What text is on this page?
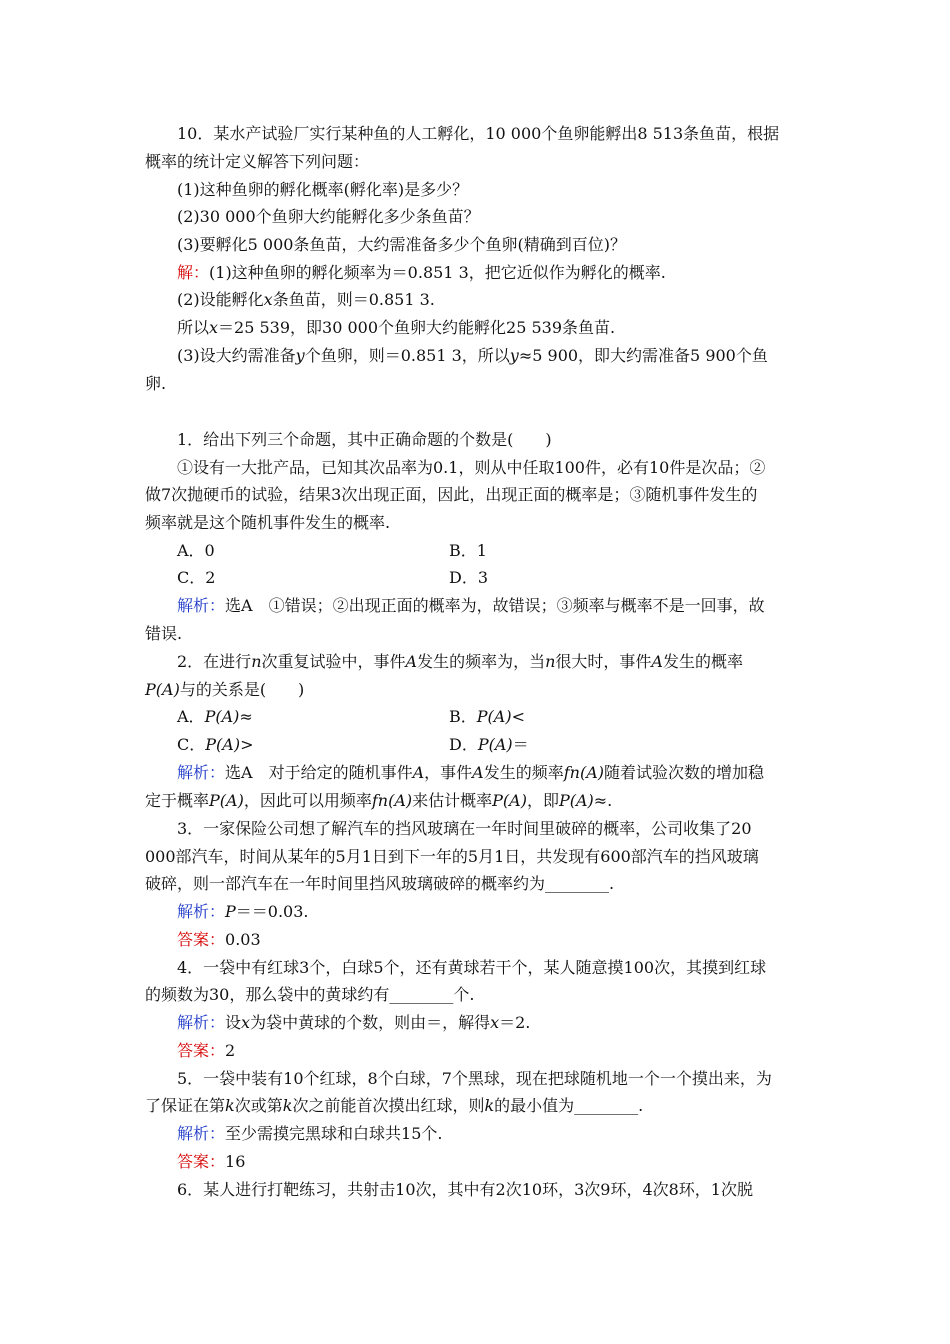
10．某水产试验厂实行某种鱼的人工孵化，10 000个鱼卵能孵出8 513条鱼苗，根据
概率的统计定义解答下列问题：
(1)这种鱼卵的孵化概率(孵化率)是多少？
(2)30 000个鱼卵大约能孵化多少条鱼苗？
(3)要孵化5 000条鱼苗，大约需准备多少个鱼卵(精确到百位)？
解：(1)这种鱼卵的孵化频率为＝0.851 3，把它近似作为孵化的概率.
(2)设能孵化x条鱼苗，则＝0.851 3.
所以x＝25 539，即30 000个鱼卵大约能孵化25 539条鱼苗.
(3)设大约需准备y个鱼卵，则＝0.851 3，所以y≈5 900，即大约需准备5 900个鱼
卵.
1．给出下列三个命题，其中正确命题的个数是(　　)
①设有一大批产品，已知其次品率为0.1，则从中任取100件，必有10件是次品；②
做7次抛硬币的试验，结果3次出现正面，因此，出现正面的概率是；③随机事件发生的
频率就是这个随机事件发生的概率.
A．0	B．1
C．2	D．3
解析：选A　①错误；②出现正面的概率为，故错误；③频率与概率不是一回事，故
错误.
2．在进行n次重复试验中，事件A发生的频率为，当n很大时，事件A发生的概率
P(A)与的关系是(　　)
A．P(A)≈	B．P(A)<
C．P(A)>	D．P(A)＝
解析：选A　对于给定的随机事件A，事件A发生的频率fn(A)随着试验次数的增加稳
定于概率P(A)，因此可以用频率fn(A)来估计概率P(A)，即P(A)≈.
3．一家保险公司想了解汽车的挡风玻璃在一年时间里破碎的概率，公司收集了20
000部汽车，时间从某年的5月1日到下一年的5月1日，共发现有600部汽车的挡风玻璃
破碎，则一部汽车在一年时间里挡风玻璃破碎的概率约为________.
解析：P＝＝0.03.
答案：0.03
4．一袋中有红球3个，白球5个，还有黄球若干个，某人随意摸100次，其摸到红球
的频数为30，那么袋中的黄球约有________个.
解析：设x为袋中黄球的个数，则由＝，解得x＝2.
答案：2
5．一袋中装有10个红球，8个白球，7个黑球，现在把球随机地一个一个摸出来，为
了保证在第k次或第k次之前能首次摸出红球，则k的最小值为________.
解析：至少需摸完黑球和白球共15个.
答案：16
6．某人进行打靶练习，共射击10次，其中有2次10环，3次9环，4次8环，1次脱
